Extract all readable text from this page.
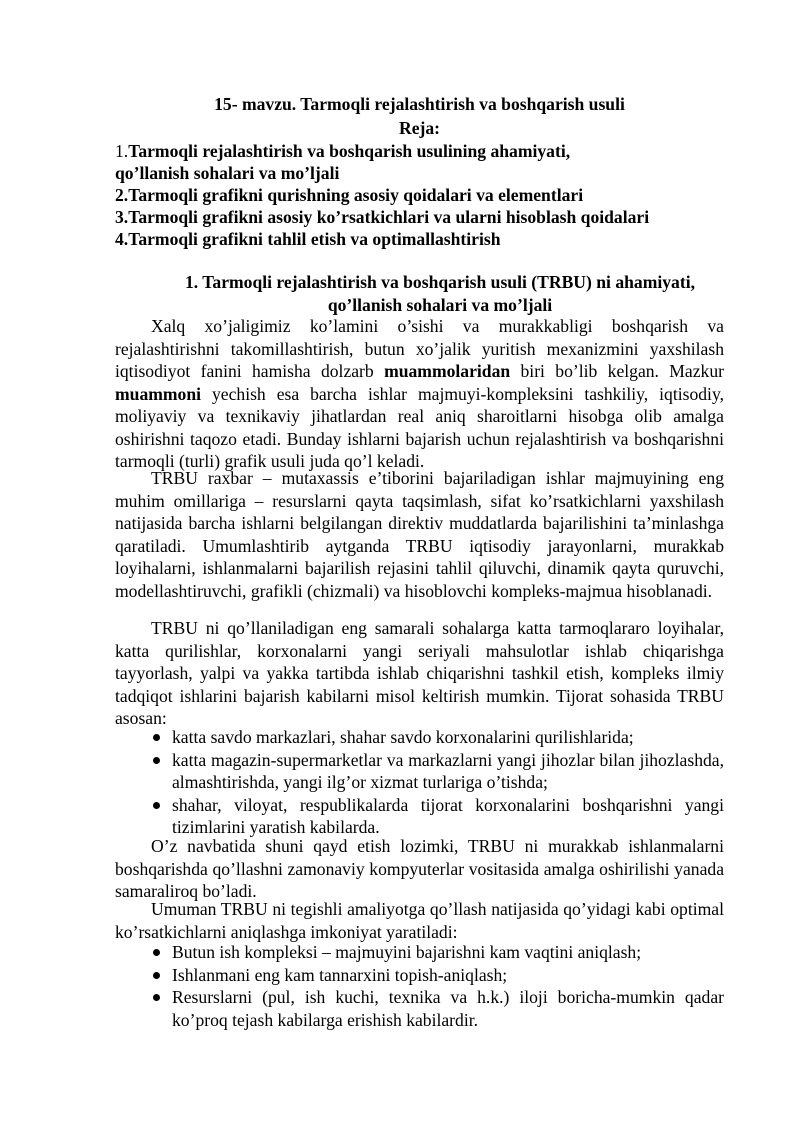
15- mavzu. Tarmoqli rejalashtirish va boshqarish usuli

Reja:

1.Tarmoqli rejalashtirish va boshqarish usulining ahamiyati,

qo’llanish sohalari va mo’ljali

2.Tarmoqli grafikni qurishning asosiy qoidalari va elementlari

3.Tarmoqli grafikni asosiy ko’rsatkichlari va ularni hisoblash qoidalari

4.Tarmoqli grafikni tahlil etish va optimallashtirish

1. Tarmoqli rejalashtirish va boshqarish usuli (TRBU) ni ahamiyati, qo’llanish sohalari va mo’ljali

Xalq xo’jaligimiz ko’lamini o’sishi va murakkabligi boshqarish va rejalashtirishni takomillashtirish, butun xo’jalik yuritish mexanizmini yaxshilash iqtisodiyot fanini hamisha dolzarb muammolaridan biri bo’lib kelgan. Mazkur muammoni yechish esa barcha ishlar majmuyi-kompleksini tashkiliy, iqtisodiy, moliyaviy va texnikaviy jihatlardan real aniq sharoitlarni hisobga olib amalga oshirishni taqozo etadi. Bunday ishlarni bajarish uchun rejalashtirish va boshqarishni tarmoqli (turli) grafik usuli juda qo’l keladi.

TRBU raxbar – mutaxassis e’tiborini bajariladigan ishlar majmuyining eng muhim omillariga – resurslarni qayta taqsimlash, sifat ko’rsatkichlarni yaxshilash natijasida barcha ishlarni belgilangan direktiv muddatlarda bajarilishini ta’minlashga qaratiladi. Umumlashtirib aytganda TRBU iqtisodiy jarayonlarni, murakkab loyihalarni, ishlanmalarni bajarilish rejasini tahlil qiluvchi, dinamik qayta quruvchi, modellashtiruvchi, grafikli (chizmali) va hisoblovchi kompleks-majmua hisoblanadi.

TRBU ni qo’llaniladigan eng samarali sohalarga katta tarmoqlararo loyihalar, katta qurilishlar, korxonalarni yangi seriyali mahsulotlar ishlab chiqarishga tayyorlash, yalpi va yakka tartibda ishlab chiqarishni tashkil etish, kompleks ilmiy tadqiqot ishlarini bajarish kabilarni misol keltirish mumkin. Tijorat sohasida TRBU asosan:

katta savdo markazlari, shahar savdo korxonalarini qurilishlarida;
katta magazin-supermarketlar va markazlarni yangi jihozlar bilan jihozlashda, almashtirishda, yangi ilg’or xizmat turlariga o’tishda;
shahar, viloyat, respublikalarda tijorat korxonalarini boshqarishni yangi tizimlarini yaratish kabilarda.

O’z navbatida shuni qayd etish lozimki, TRBU ni murakkab ishlanmalarni boshqarishda qo’llashni zamonaviy kompyuterlar vositasida amalga oshirilishi yanada samaraliroq bo’ladi.

Umuman TRBU ni tegishli amaliyotga qo’llash natijasida qo’yidagi kabi optimal ko’rsatkichlarni aniqlashga imkoniyat yaratiladi:

Butun ish kompleksi – majmuyini bajarishni kam vaqtini aniqlash;
Ishlanmani eng kam tannarxini topish-aniqlash;
Resurslarni (pul, ish kuchi, texnika va h.k.) iloji boricha-mumkin qadar ko’proq tejash kabilarga erishish kabilardir.
